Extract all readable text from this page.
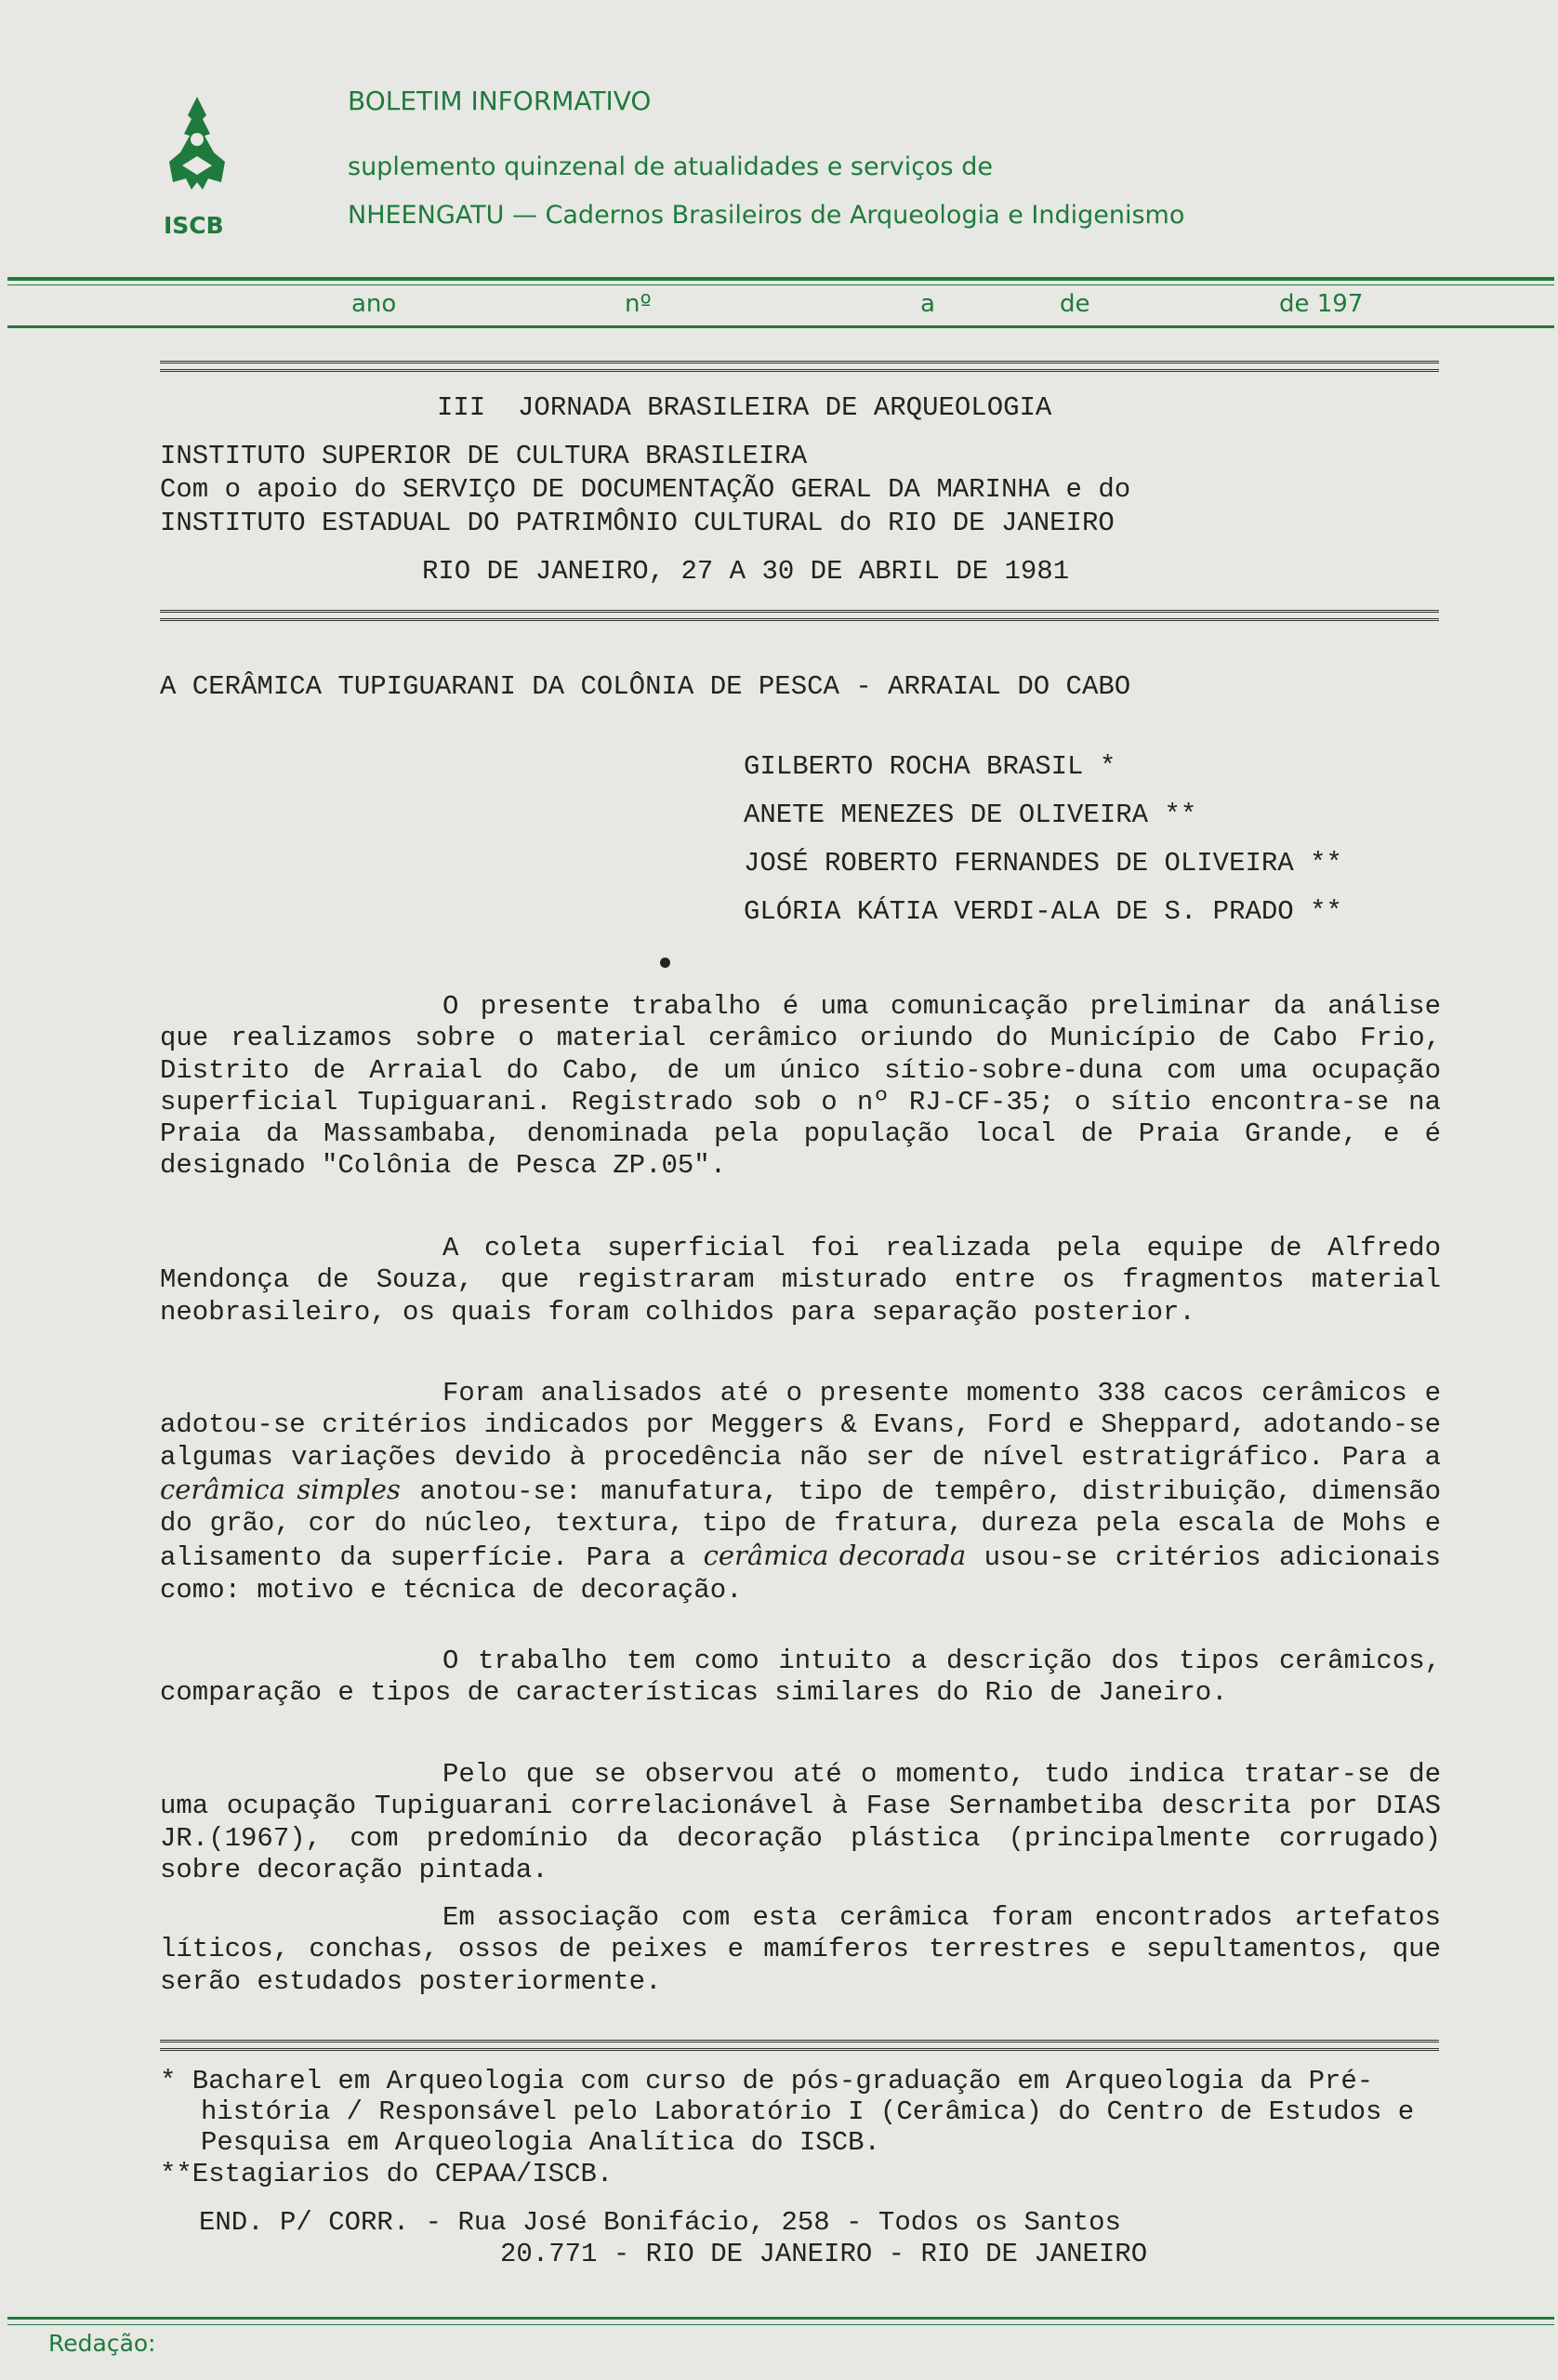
ISCB
BOLETIM INFORMATIVO
suplemento quinzenal de atualidades e serviços de
NHEENGATU — Cadernos Brasileiros de Arqueologia e Indigenismo
ano	nº	a	de	de 197
III  JORNADA BRASILEIRA DE ARQUEOLOGIA
INSTITUTO SUPERIOR DE CULTURA BRASILEIRA
Com o apoio do SERVIÇO DE DOCUMENTAÇÃO GERAL DA MARINHA e do
INSTITUTO ESTADUAL DO PATRIMÔNIO CULTURAL do RIO DE JANEIRO
RIO DE JANEIRO, 27 A 30 DE ABRIL DE 1981
A CERÂMICA TUPIGUARANI DA COLÔNIA DE PESCA - ARRAIAL DO CABO
GILBERTO ROCHA BRASIL *
ANETE MENEZES DE OLIVEIRA **
JOSÉ ROBERTO FERNANDES DE OLIVEIRA **
GLÓRIA KÁTIA VERDI-ALA DE S. PRADO **
O presente trabalho é uma comunicação preliminar da análise que realizamos sobre o material cerâmico oriundo do Município de Cabo Frio, Distrito de Arraial do Cabo, de um único sítio-sobre-duna com uma ocupação superficial Tupiguarani. Registrado sob o nº RJ-CF-35; o sítio encontra-se na Praia da Massambaba, denominada pela população local de Praia Grande, e é designado "Colônia de Pesca ZP.05".
A coleta superficial foi realizada pela equipe de Alfredo Mendonça de Souza, que registraram misturado entre os fragmentos material neobrasileiro, os quais foram colhidos para separação posterior.
Foram analisados até o presente momento 338 cacos cerâmicos e adotou-se critérios indicados por Meggers & Evans, Ford e Sheppard, adotando-se algumas variações devido à procedência não ser de nível estratigráfico. Para a cerâmica simples anotou-se: manufatura, tipo de tempêro, distribuição, dimensão do grão, cor do núcleo, textura, tipo de fratura, dureza pela escala de Mohs e alisamento da superfície. Para a cerâmica decorada usou-se critérios adicionais como: motivo e técnica de decoração.
O trabalho tem como intuito a descrição dos tipos cerâmicos, comparação e tipos de características similares do Rio de Janeiro.
Pelo que se observou até o momento, tudo indica tratar-se de uma ocupação Tupiguarani correlacionável à Fase Sernambetiba descrita por DIAS JR.(1967), com predomínio da decoração plástica (principalmente corrugado) sobre decoração pintada.
Em associação com esta cerâmica foram encontrados artefatos líticos, conchas, ossos de peixes e mamíferos terrestres e sepultamentos, que serão estudados posteriormente.
* Bacharel em Arqueologia com curso de pós-graduação em Arqueologia da Pré-história / Responsável pelo Laboratório I (Cerâmica) do Centro de Estudos e Pesquisa em Arqueologia Analítica do ISCB.
**Estagiarios do CEPAA/ISCB.
END. P/ CORR. - Rua José Bonifácio, 258 - Todos os Santos
20.771 - RIO DE JANEIRO - RIO DE JANEIRO
Redação:
